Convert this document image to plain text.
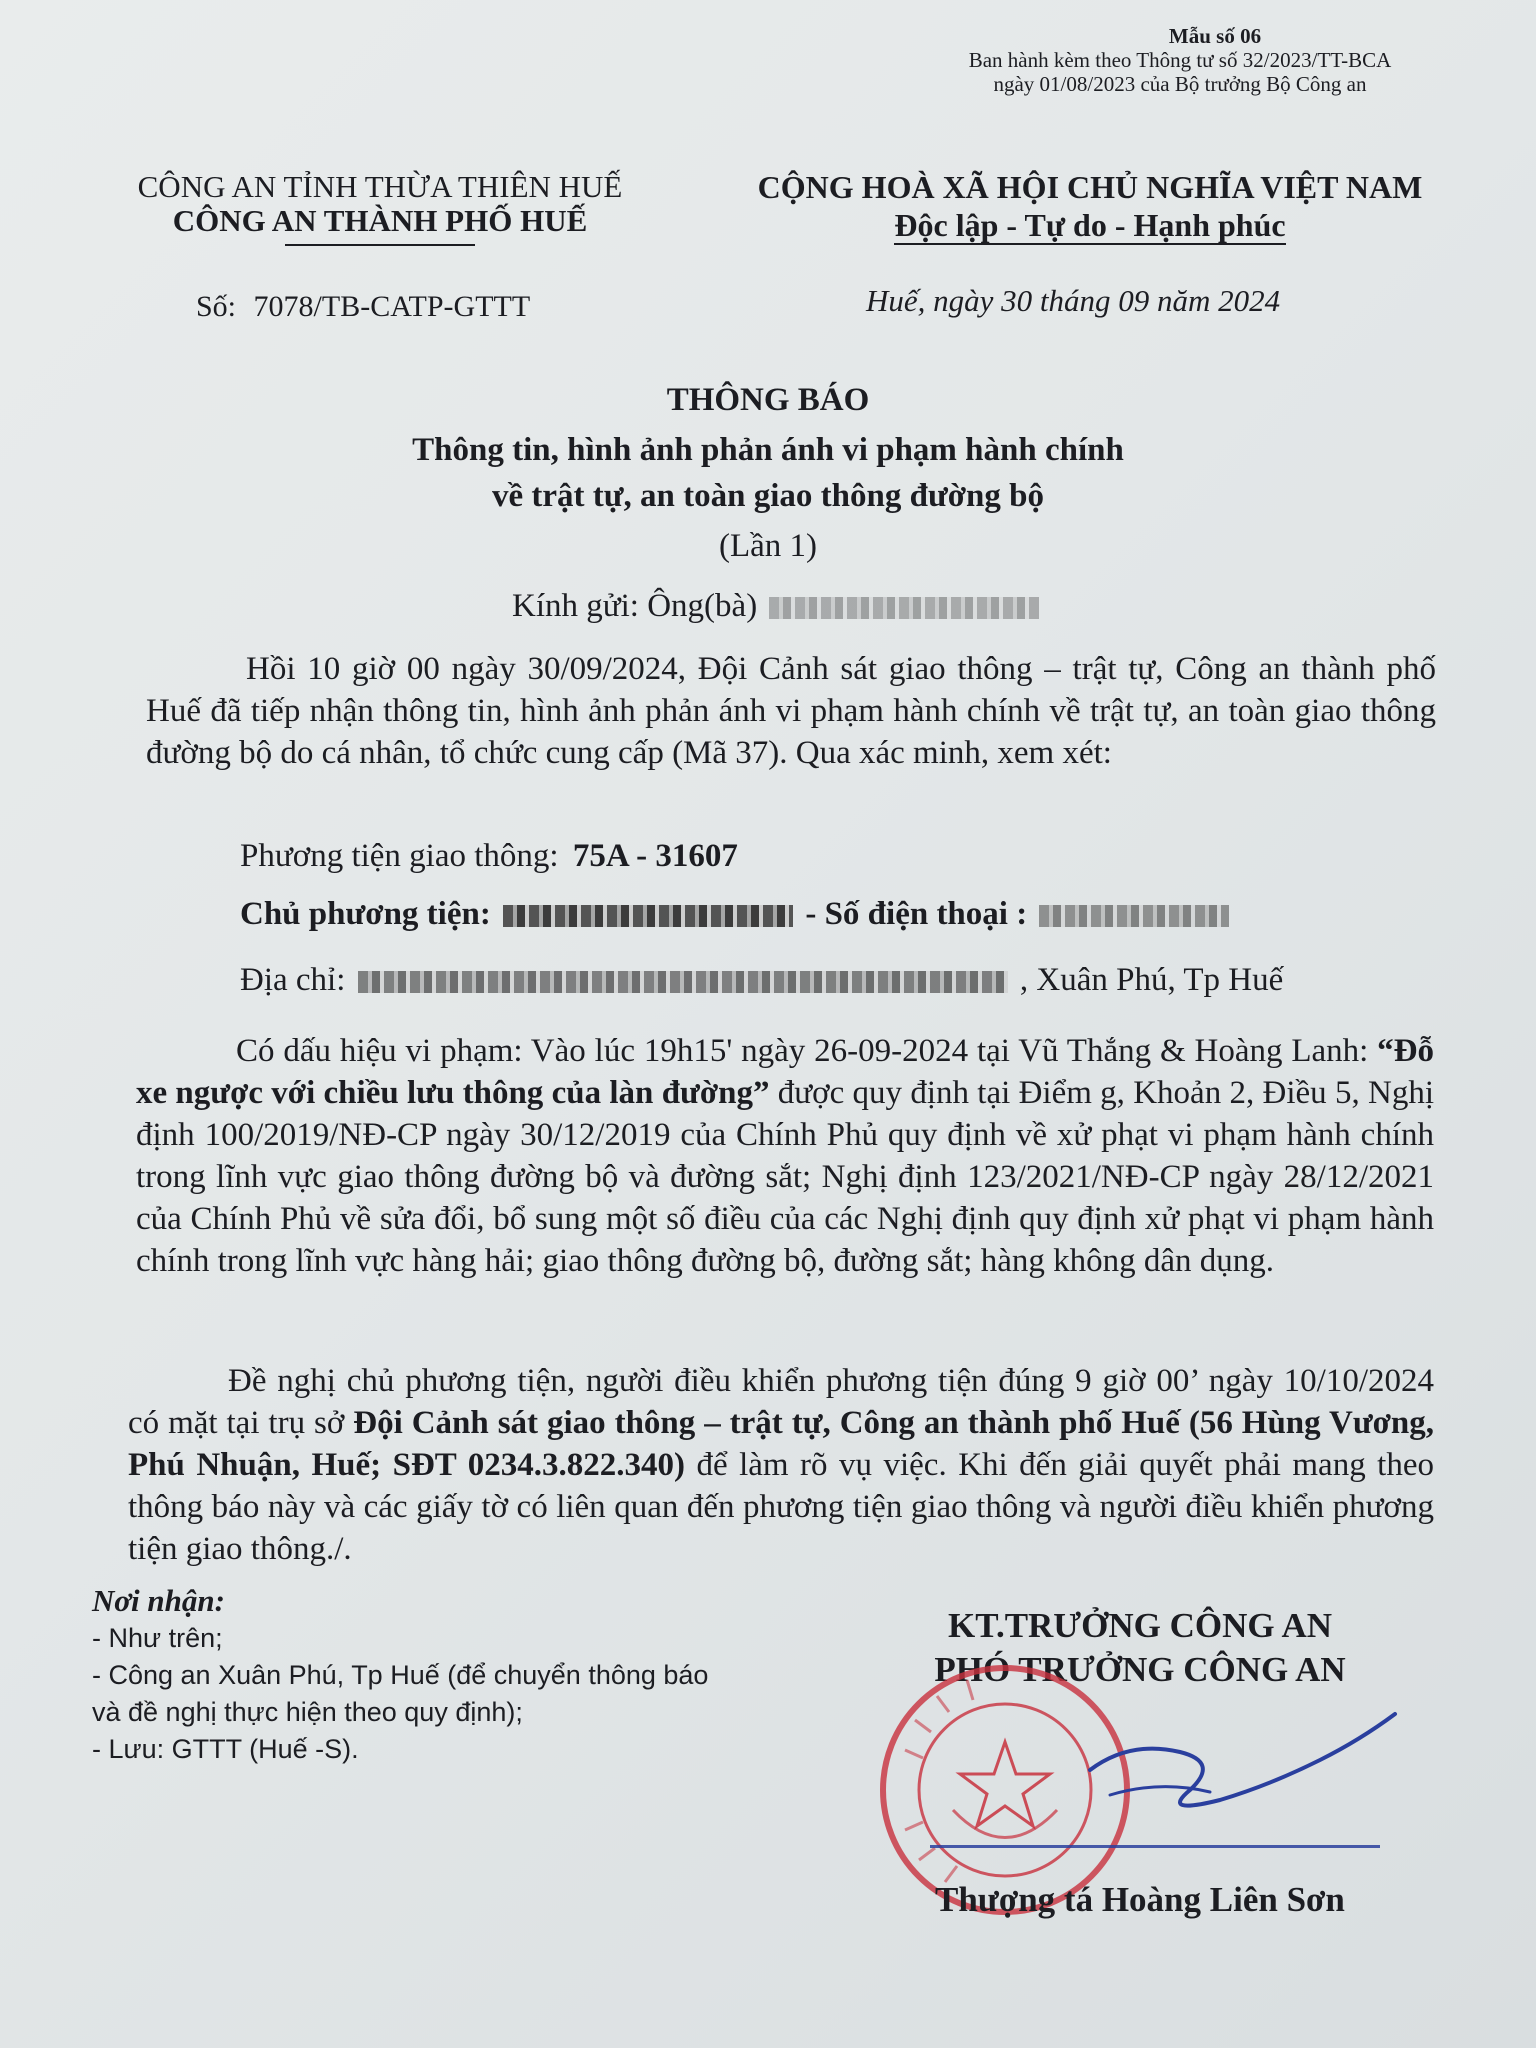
Mẫu số 06
Ban hành kèm theo Thông tư số 32/2023/TT-BCA
ngày 01/08/2023 của Bộ trưởng Bộ Công an
CÔNG AN TỈNH THỪA THIÊN HUẾ
CÔNG AN THÀNH PHỐ HUẾ
Số: 7078/TB-CATP-GTTT
CỘNG HOÀ XÃ HỘI CHỦ NGHĨA VIỆT NAM
Độc lập - Tự do - Hạnh phúc
Huế, ngày 30 tháng 09 năm 2024
THÔNG BÁO
Thông tin, hình ảnh phản ánh vi phạm hành chính
về trật tự, an toàn giao thông đường bộ
(Lần 1)
Kính gửi: Ông(bà)
Hồi 10 giờ 00 ngày 30/09/2024, Đội Cảnh sát giao thông – trật tự, Công an thành phố Huế đã tiếp nhận thông tin, hình ảnh phản ánh vi phạm hành chính về trật tự, an toàn giao thông đường bộ do cá nhân, tổ chức cung cấp (Mã 37). Qua xác minh, xem xét:
Phương tiện giao thông: 75A - 31607
Chủ phương tiện:	- Số điện thoại :
Địa chỉ:	, Xuân Phú, Tp Huế
Có dấu hiệu vi phạm: Vào lúc 19h15' ngày 26-09-2024 tại Vũ Thắng & Hoàng Lanh: “Đỗ xe ngược với chiều lưu thông của làn đường” được quy định tại Điểm g, Khoản 2, Điều 5, Nghị định 100/2019/NĐ-CP ngày 30/12/2019 của Chính Phủ quy định về xử phạt vi phạm hành chính trong lĩnh vực giao thông đường bộ và đường sắt; Nghị định 123/2021/NĐ-CP ngày 28/12/2021 của Chính Phủ về sửa đổi, bổ sung một số điều của các Nghị định quy định xử phạt vi phạm hành chính trong lĩnh vực hàng hải; giao thông đường bộ, đường sắt; hàng không dân dụng.
Đề nghị chủ phương tiện, người điều khiển phương tiện đúng 9 giờ 00’ ngày 10/10/2024 có mặt tại trụ sở Đội Cảnh sát giao thông – trật tự, Công an thành phố Huế (56 Hùng Vương, Phú Nhuận, Huế; SĐT 0234.3.822.340) để làm rõ vụ việc. Khi đến giải quyết phải mang theo thông báo này và các giấy tờ có liên quan đến phương tiện giao thông và người điều khiển phương tiện giao thông./.
Nơi nhận:
- Như trên;
- Công an Xuân Phú, Tp Huế (để chuyển thông báo
và đề nghị thực hiện theo quy định);
- Lưu: GTTT (Huế -S).
KT.TRƯỞNG CÔNG AN
PHÓ TRƯỞNG CÔNG AN
Thượng tá Hoàng Liên Sơn
